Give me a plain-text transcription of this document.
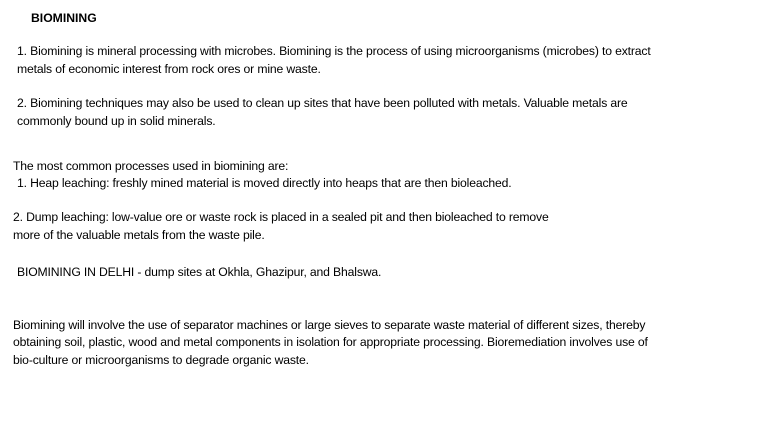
BIOMINING
1. Biomining is mineral processing with microbes. Biomining is the process of using microorganisms (microbes) to extract
metals of economic interest from rock ores or mine waste.
2. Biomining techniques may also be used to clean up sites that have been polluted with metals. Valuable metals are
commonly bound up in solid minerals.
The most common processes used in biomining are:
1. Heap leaching: freshly mined material is moved directly into heaps that are then bioleached.
2. Dump leaching: low-value ore or waste rock is placed in a sealed pit and then bioleached to remove
more of the valuable metals from the waste pile.
BIOMINING IN DELHI - dump sites at Okhla, Ghazipur, and Bhalswa.
Biomining will involve the use of separator machines or large sieves to separate waste material of different sizes, thereby
obtaining soil, plastic, wood and metal components in isolation for appropriate processing. Bioremediation involves use of
bio-culture or microorganisms to degrade organic waste.
